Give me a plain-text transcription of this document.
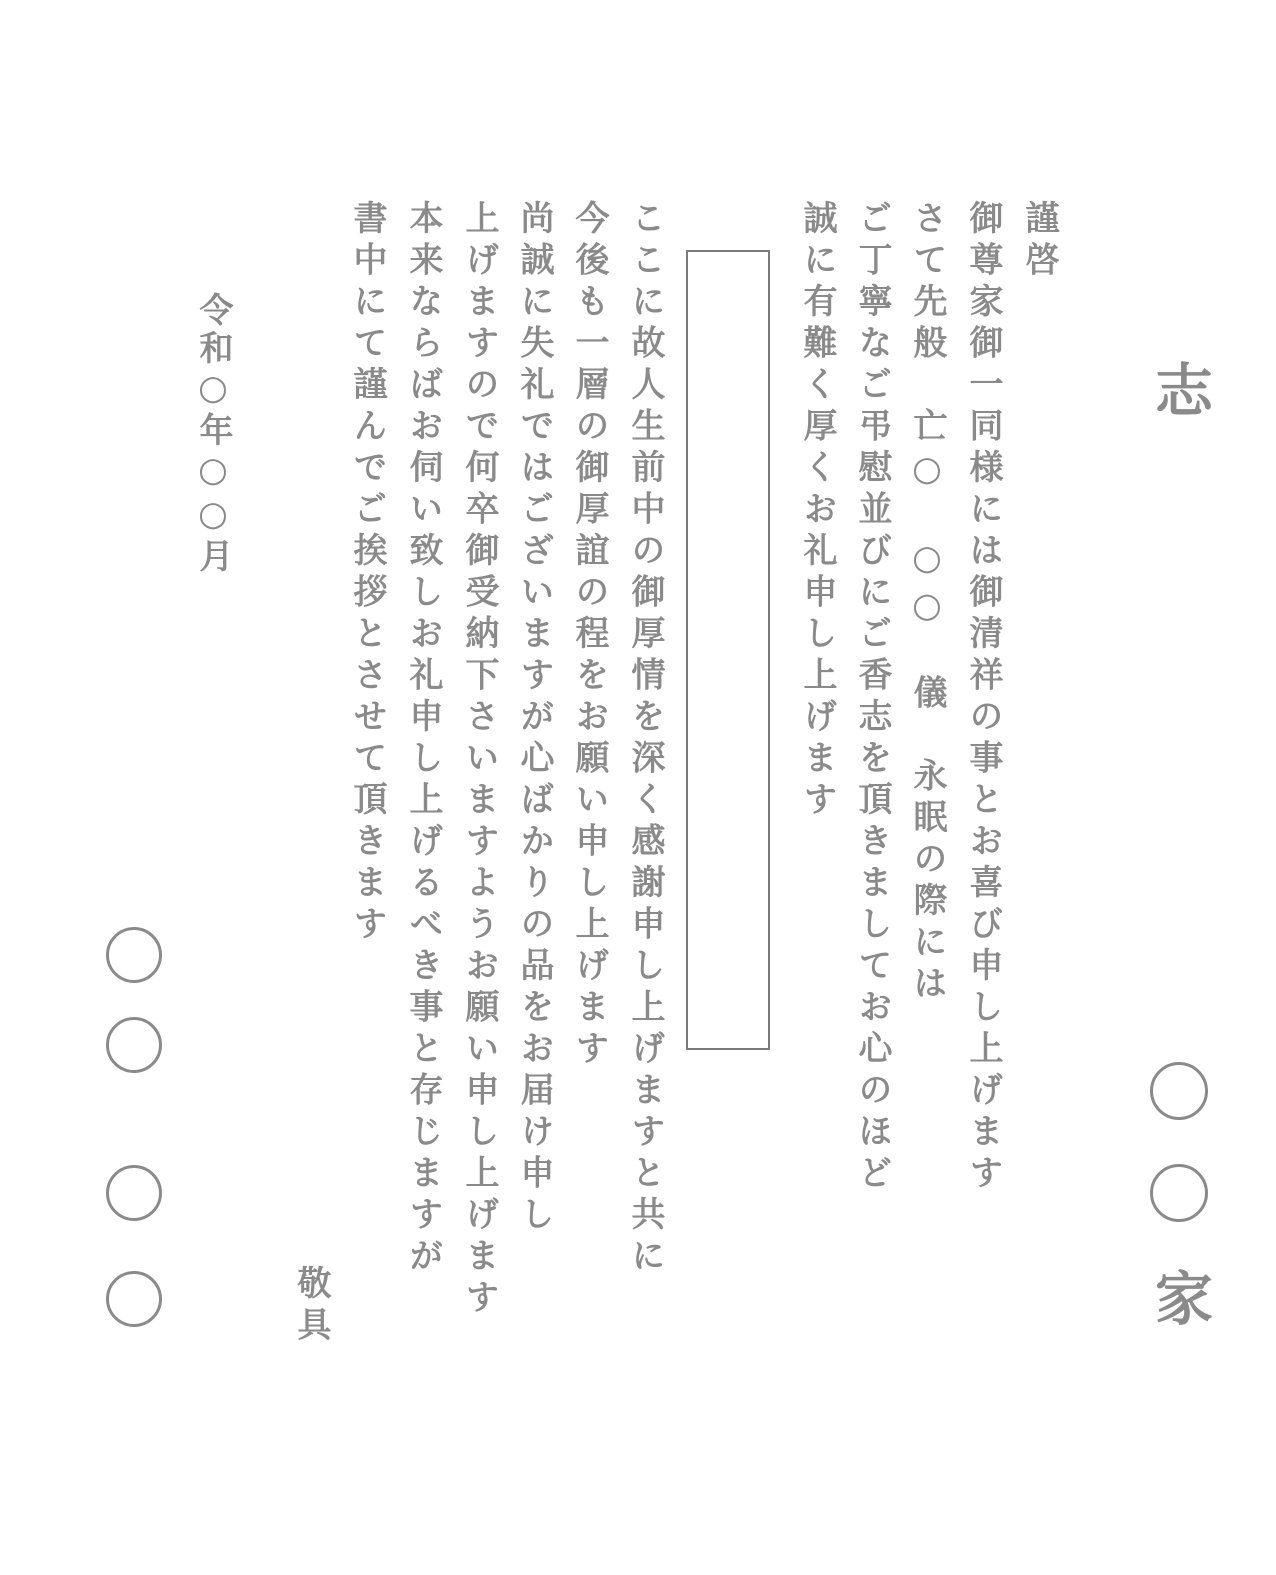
志
家
謹啓
御尊家御一同様には御清祥の事とお喜び申し上げます
さて先般　亡○　○○　儀　永眠の際には
ご丁寧なご弔慰並びにご香志を頂きましてお心のほど
誠に有難く厚くお礼申し上げます
ここに故人生前中の御厚情を深く感謝申し上げますと共に
今後も一層の御厚誼の程をお願い申し上げます
尚誠に失礼ではございますが心ばかりの品をお届け申し
上げますので何卒御受納下さいますようお願い申し上げます
本来ならばお伺い致しお礼申し上げるべき事と存じますが
書中にて謹んでご挨拶とさせて頂きます
敬具
令和○年○○月
